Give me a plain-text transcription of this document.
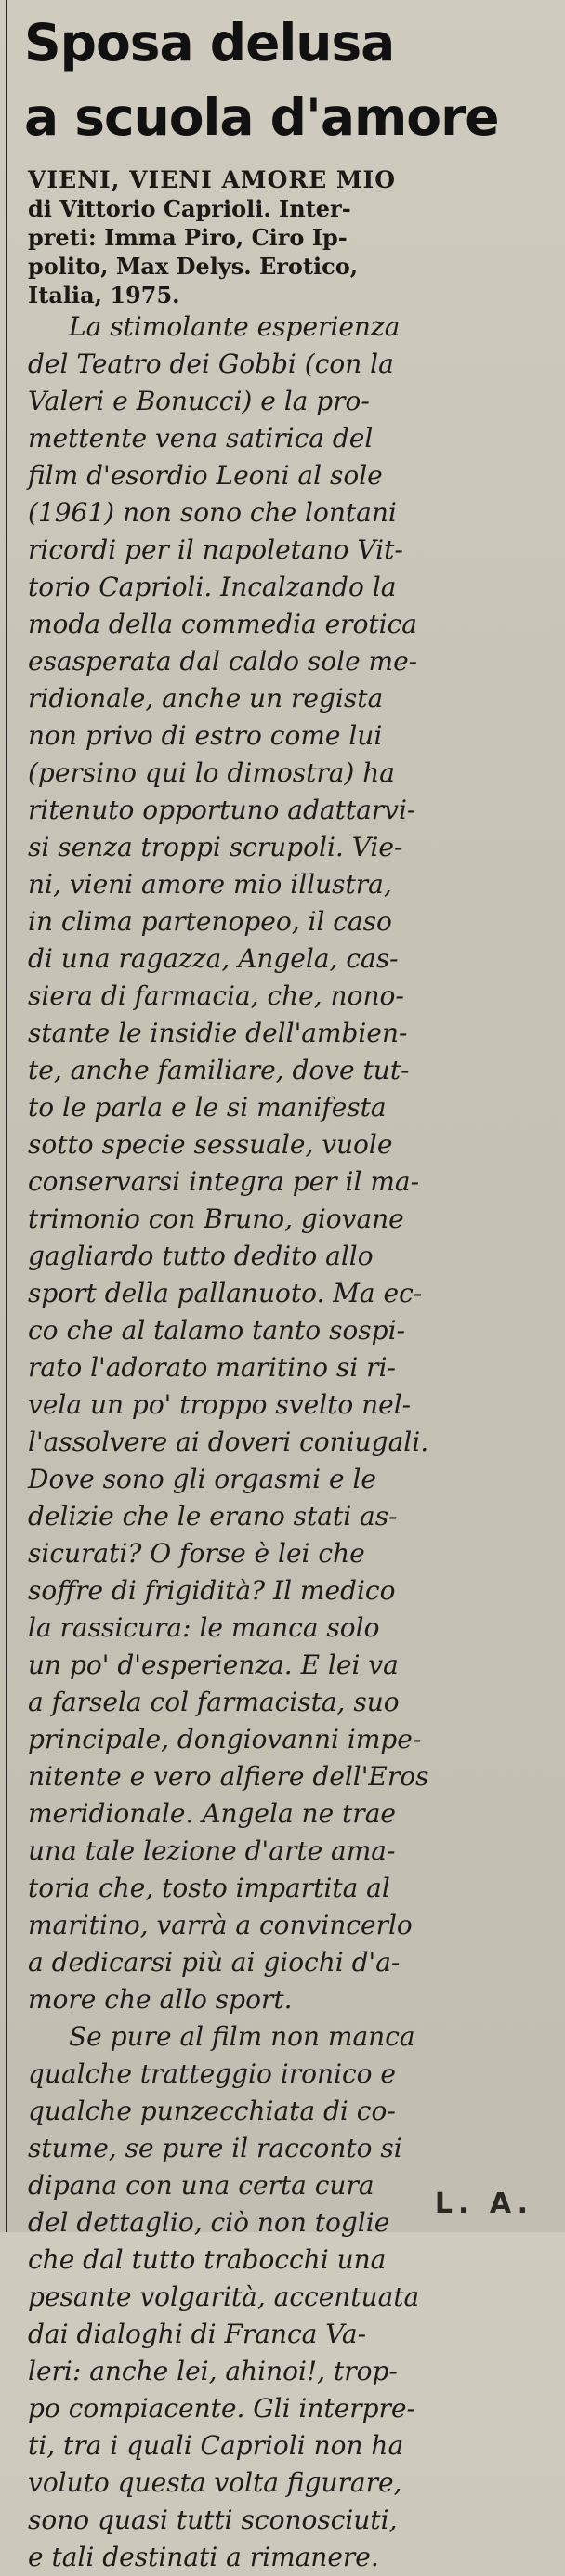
Sposa delusa
a scuola d'amore
VIENI, VIENI AMORE MIO
di Vittorio Caprioli. Inter-
preti: Imma Piro, Ciro Ip-
polito, Max Delys. Erotico,
Italia, 1975.
La stimolante esperienza
del Teatro dei Gobbi (con la
Valeri e Bonucci) e la pro-
mettente vena satirica del
film d'esordio Leoni al sole
(1961) non sono che lontani
ricordi per il napoletano Vit-
torio Caprioli. Incalzando la
moda della commedia erotica
esasperata dal caldo sole me-
ridionale, anche un regista
non privo di estro come lui
(persino qui lo dimostra) ha
ritenuto opportuno adattarvi-
si senza troppi scrupoli. Vie-
ni, vieni amore mio illustra,
in clima partenopeo, il caso
di una ragazza, Angela, cas-
siera di farmacia, che, nono-
stante le insidie dell'ambien-
te, anche familiare, dove tut-
to le parla e le si manifesta
sotto specie sessuale, vuole
conservarsi integra per il ma-
trimonio con Bruno, giovane
gagliardo tutto dedito allo
sport della pallanuoto. Ma ec-
co che al talamo tanto sospi-
rato l'adorato maritino si ri-
vela un po' troppo svelto nel-
l'assolvere ai doveri coniugali.
Dove sono gli orgasmi e le
delizie che le erano stati as-
sicurati? O forse è lei che
soffre di frigidità? Il medico
la rassicura: le manca solo
un po' d'esperienza. E lei va
a farsela col farmacista, suo
principale, dongiovanni impe-
nitente e vero alfiere dell'Eros
meridionale. Angela ne trae
una tale lezione d'arte ama-
toria che, tosto impartita al
maritino, varrà a convincerlo
a dedicarsi più ai giochi d'a-
more che allo sport.
Se pure al film non manca
qualche tratteggio ironico e
qualche punzecchiata di co-
stume, se pure il racconto si
dipana con una certa cura
del dettaglio, ciò non toglie
che dal tutto trabocchi una
pesante volgarità, accentuata
dai dialoghi di Franca Va-
leri: anche lei, ahinoi!, trop-
po compiacente. Gli interpre-
ti, tra i quali Caprioli non ha
voluto questa volta figurare,
sono quasi tutti sconosciuti,
e tali destinati a rimanere.
L. A.
